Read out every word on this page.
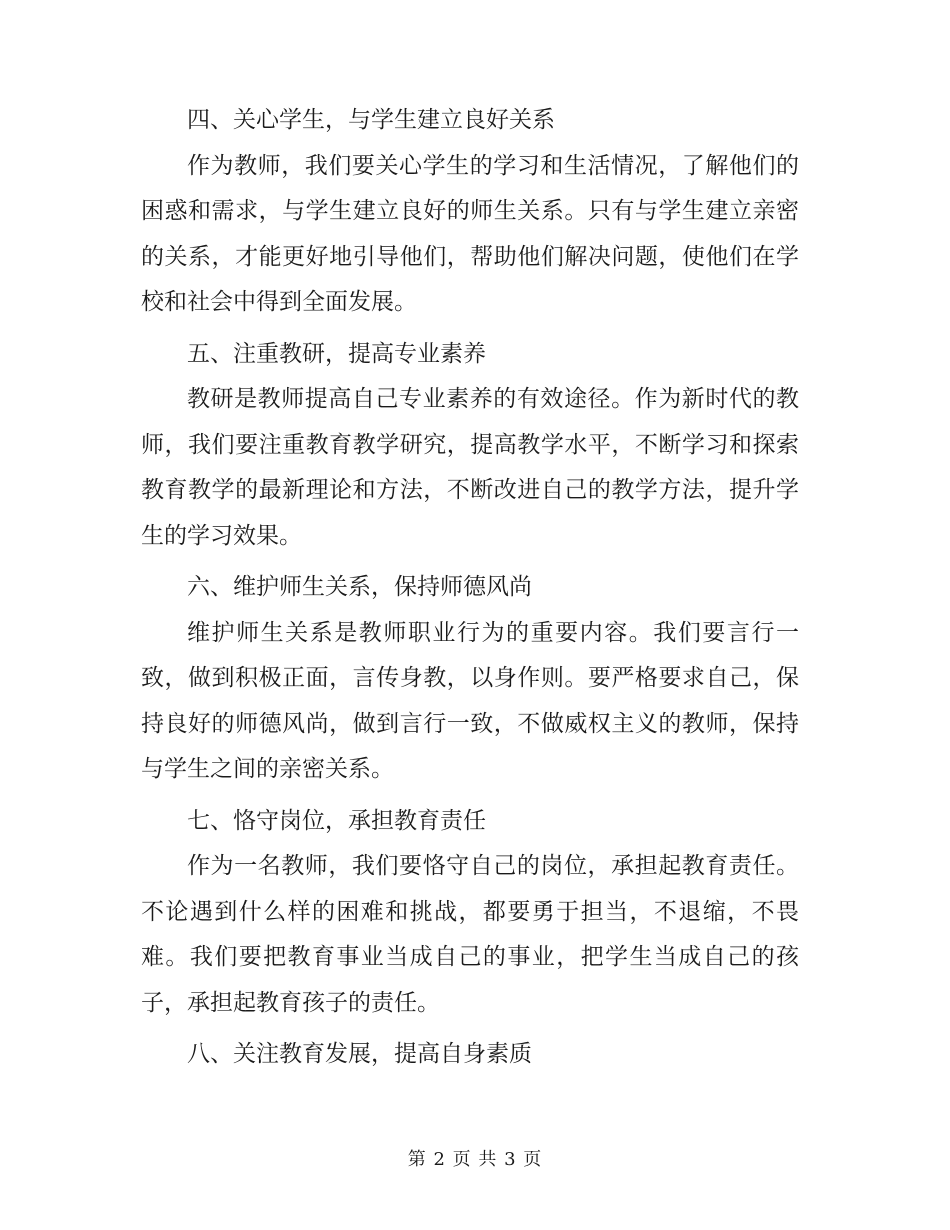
四、关心学生，与学生建立良好关系

作为教师，我们要关心学生的学习和生活情况，了解他们的困惑和需求，与学生建立良好的师生关系。只有与学生建立亲密的关系，才能更好地引导他们，帮助他们解决问题，使他们在学校和社会中得到全面发展。

五、注重教研，提高专业素养

教研是教师提高自己专业素养的有效途径。作为新时代的教师，我们要注重教育教学研究，提高教学水平，不断学习和探索教育教学的最新理论和方法，不断改进自己的教学方法，提升学生的学习效果。

六、维护师生关系，保持师德风尚

维护师生关系是教师职业行为的重要内容。我们要言行一致，做到积极正面，言传身教，以身作则。要严格要求自己，保持良好的师德风尚，做到言行一致，不做威权主义的教师，保持与学生之间的亲密关系。

七、恪守岗位，承担教育责任

作为一名教师，我们要恪守自己的岗位，承担起教育责任。不论遇到什么样的困难和挑战，都要勇于担当，不退缩，不畏难。我们要把教育事业当成自己的事业，把学生当成自己的孩子，承担起教育孩子的责任。

八、关注教育发展，提高自身素质

第 2 页 共 3 页
